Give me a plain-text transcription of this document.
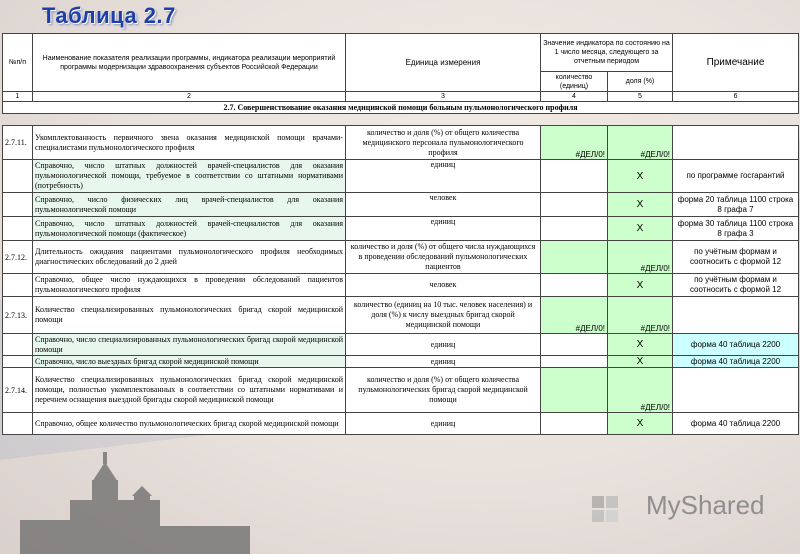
Таблица 2.7
№п/п	Наименование показателя реализации программы, индикатора реализации мероприятий программы модернизации здравоохранения субъектов Российской Федерации	Единица измерения	Значение индикатора по состоянию на 1 число месяца, следующего за отчетным периодом		Примечание
			количество (единиц)	доля (%)	
1	2	3	4	5	6
2.7. Совершенствование оказания медицинской помощи больным пульмонологического профиля					
2.7.11.	Укомплектованность первичного звена оказания медицинской помощи врачами-специалистами пульмонологического профиля	количество и доля (%) от общего количества медицинского персонала пульмонологического профиля	#ДЕЛ/0!	#ДЕЛ/0!	
	Справочно, число штатных должностей врачей-специалистов для оказания пульмонологической помощи, требуемое в соответствии со штатными нормативами (потребность)	единиц		Х	по программе госгарантий
	Справочно, число физических лиц врачей-специалистов для оказания пульмонологической помощи	человек		Х	форма 20 таблица 1100 строка 8 графа 7
	Справочно, число штатных должностей врачей-специалистов для оказания пульмонологической помощи (фактическое)	единиц		Х	форма 30 таблица 1100 строка 8 графа 3
2.7.12.	Длительность ожидания пациентами пульмонологического профиля необходимых диагностических обследований до 2 дней	количество и доля (%) от общего числа нуждающихся в проведении обследований пульмонологических пациентов		#ДЕЛ/0!	по учётным формам и соотносить с формой 12
	Справочно, общее число нуждающихся в проведении обследований пациентов пульмонологического профиля	человек		Х	по учётным формам и соотносить с формой 12
2.7.13.	Количество специализированных пульмонологических бригад скорой медицинской помощи	количество (единиц на 10 тыс. человек населения) и доля (%) к числу выездных бригад скорой медицинской помощи	#ДЕЛ/0!	#ДЕЛ/0!	
	Справочно, число специализированных пульмонологических бригад скорой медицинской помощи	единиц		Х	форма 40 таблица 2200
	Справочно, число выездных бригад скорой медицинской помощи	единиц		Х	форма 40 таблица 2200
2.7.14.	Количество специализированных пульмонологических бригад скорой медицинской помощи, полностью укомплектованных в соответствии со штатными нормативами и перечнем оснащения выездной бригады скорой медицинской помощи	количество и доля (%) от общего количества пульмонологических бригад скорой медицинской помощи		#ДЕЛ/0!	
	Справочно, общее количество пульмонологических бригад скорой медицинской помощи	единиц		Х	форма 40 таблица 2200
MyShared
